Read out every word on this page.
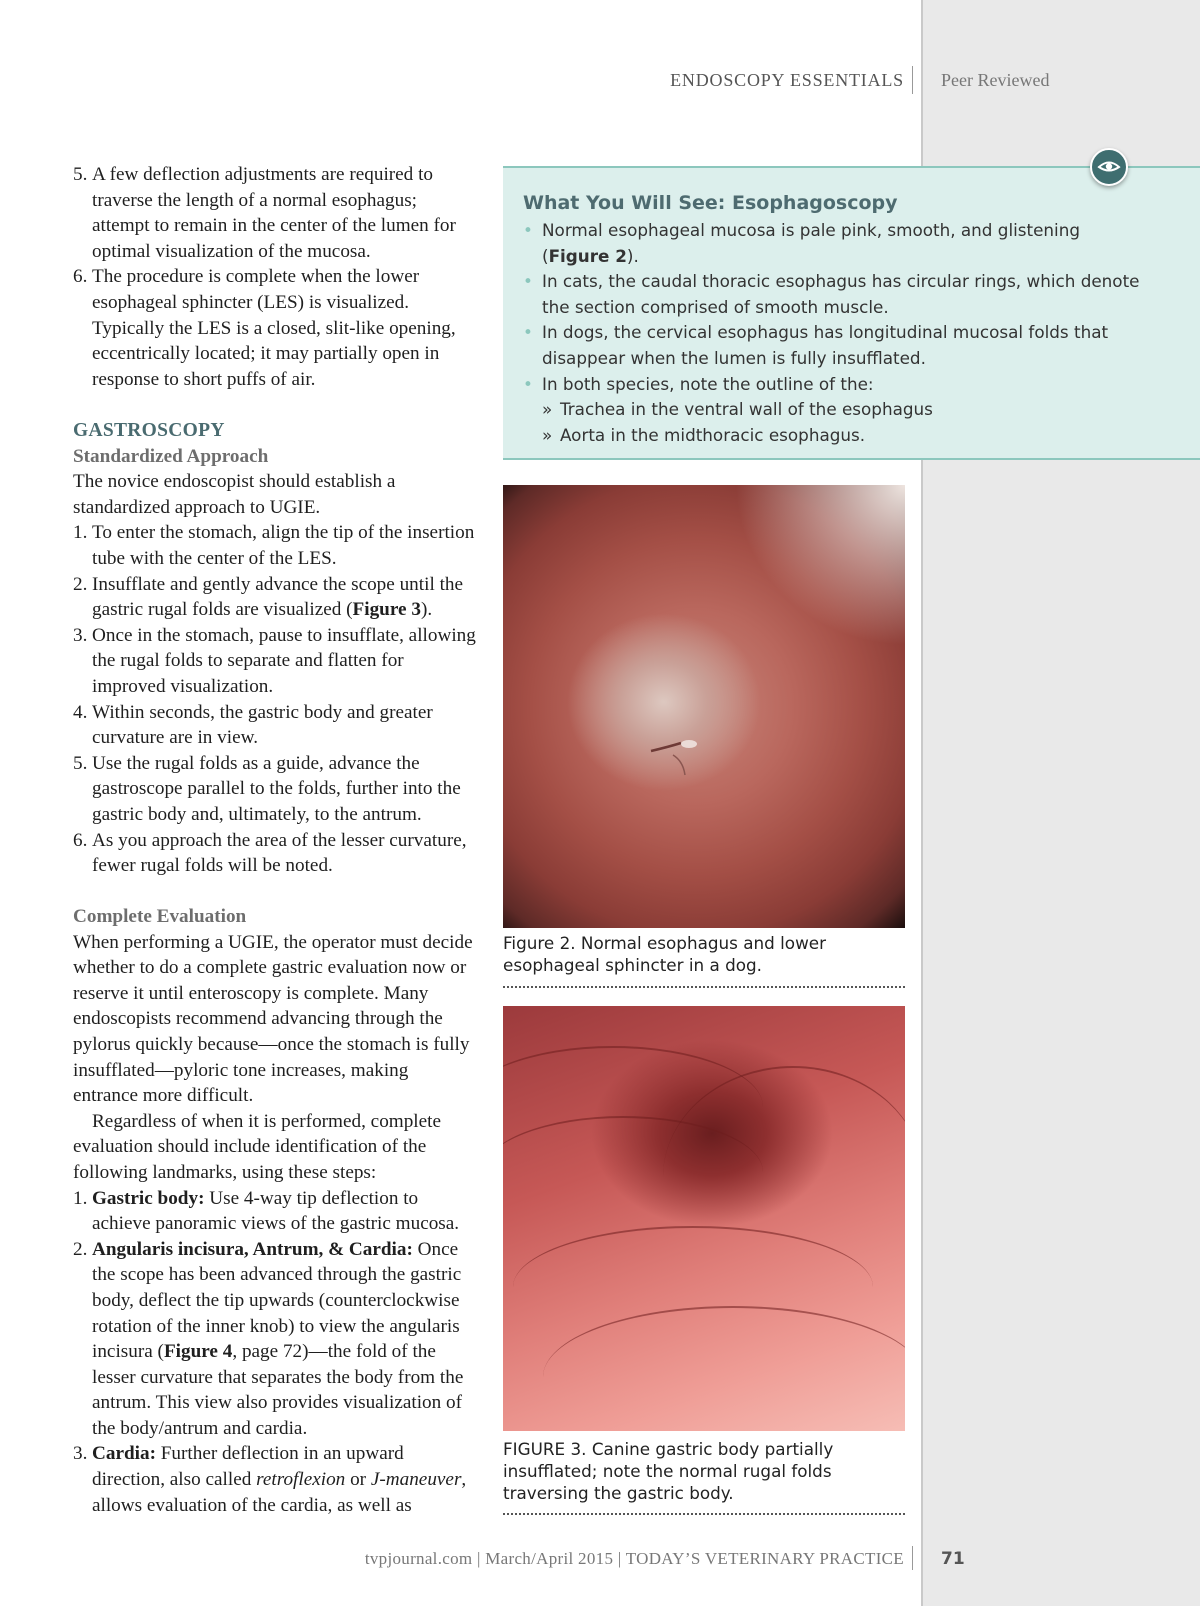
ENDOSCOPY ESSENTIALS Peer Reviewed
5. A few deflection adjustments are required to traverse the length of a normal esophagus; attempt to remain in the center of the lumen for optimal visualization of the mucosa.
6. The procedure is complete when the lower esophageal sphincter (LES) is visualized. Typically the LES is a closed, slit-like opening, eccentrically located; it may partially open in response to short puffs of air.
GASTROSCOPY
Standardized Approach

The novice endoscopist should establish a standardized approach to UGIE.

1. To enter the stomach, align the tip of the insertion tube with the center of the LES.
2. Insufflate and gently advance the scope until the gastric rugal folds are visualized (Figure 3).
3. Once in the stomach, pause to insufflate, allowing the rugal folds to separate and flatten for improved visualization.
4. Within seconds, the gastric body and greater curvature are in view.
5. Use the rugal folds as a guide, advance the gastroscope parallel to the folds, further into the gastric body and, ultimately, to the antrum.
6. As you approach the area of the lesser curvature, fewer rugal folds will be noted.
Complete Evaluation

When performing a UGIE, the operator must decide whether to do a complete gastric evaluation now or reserve it until enteroscopy is complete. Many endoscopists recommend advancing through the pylorus quickly because—once the stomach is fully insufflated—pyloric tone increases, making entrance more difficult.

Regardless of when it is performed, complete evaluation should include identification of the following landmarks, using these steps:

1. Gastric body: Use 4-way tip deflection to achieve panoramic views of the gastric mucosa.
2. Angularis incisura, Antrum, & Cardia: Once the scope has been advanced through the gastric body, deflect the tip upwards (counterclockwise rotation of the inner knob) to view the angularis incisura (Figure 4, page 72)—the fold of the lesser curvature that separates the body from the antrum. This view also provides visualization of the body/antrum and cardia.
3. Cardia: Further deflection in an upward direction, also called retroflexion or J-maneuver, allows evaluation of the cardia, as well as
What You Will See: Esophagoscopy
• Normal esophageal mucosa is pale pink, smooth, and glistening (Figure 2).
• In cats, the caudal thoracic esophagus has circular rings, which denote the section comprised of smooth muscle.
• In dogs, the cervical esophagus has longitudinal mucosal folds that disappear when the lumen is fully insufflated.
• In both species, note the outline of the:
» Trachea in the ventral wall of the esophagus
» Aorta in the midthoracic esophagus.
Figure 2. Normal esophagus and lower esophageal sphincter in a dog.
FIGURE 3. Canine gastric body partially insufflated; note the normal rugal folds traversing the gastric body.
tvpjournal.com | March/April 2015 | TODAY’S VETERINARY PRACTICE 71
